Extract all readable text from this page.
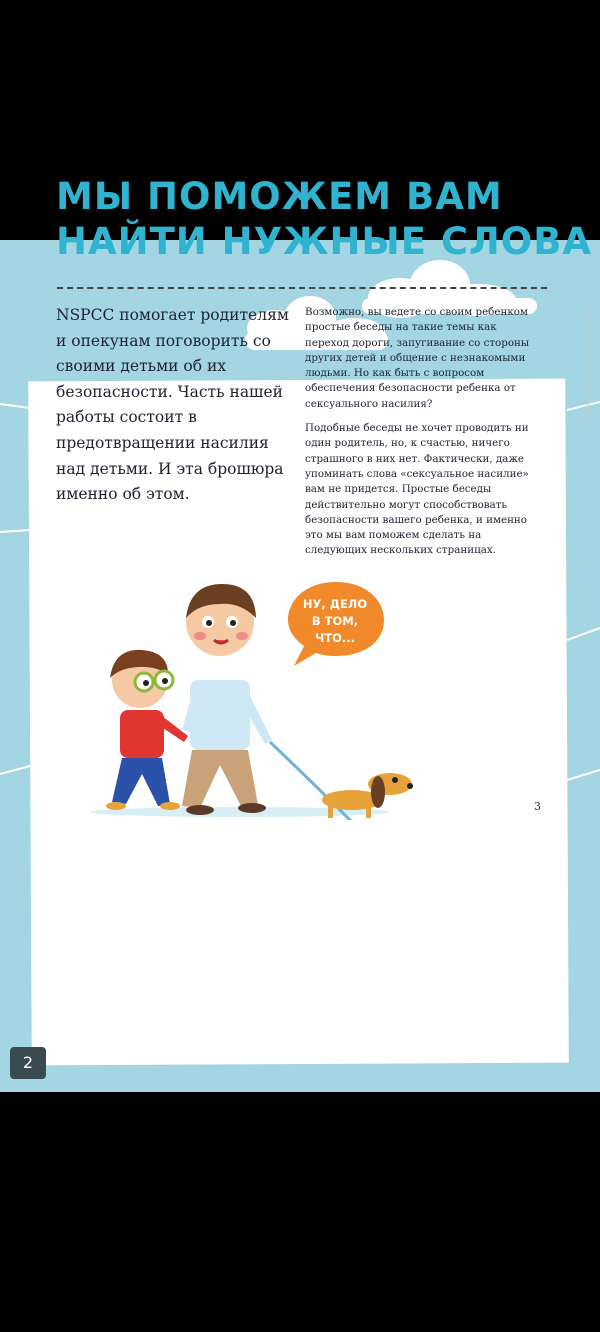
МЫ ПОМОЖЕМ ВАМ
НАЙТИ НУЖНЫЕ СЛОВА
NSPCC помогает родителям и опекунам поговорить со своими детьми об их безопасности. Часть нашей работы состоит в предотвращении насилия над детьми. И эта брошюра именно об этом.

Возможно, вы ведете со своим ребенком простые беседы на такие темы как переход дороги, запугивание со стороны других детей и общение с незнакомыми людьми. Но как быть с вопросом обеспечения безопасности ребенка от сексуального насилия?

Подобные беседы не хочет проводить ни один родитель, но, к счастью, ничего страшного в них нет. Фактически, даже упоминать слова «сексуальное насилие» вам не придется. Простые беседы действительно могут способствовать безопасности вашего ребенка, и именно это мы вам поможем сделать на следующих нескольких страницах.

НУ, ДЕЛО
В ТОМ, ЧТО...
3
2
